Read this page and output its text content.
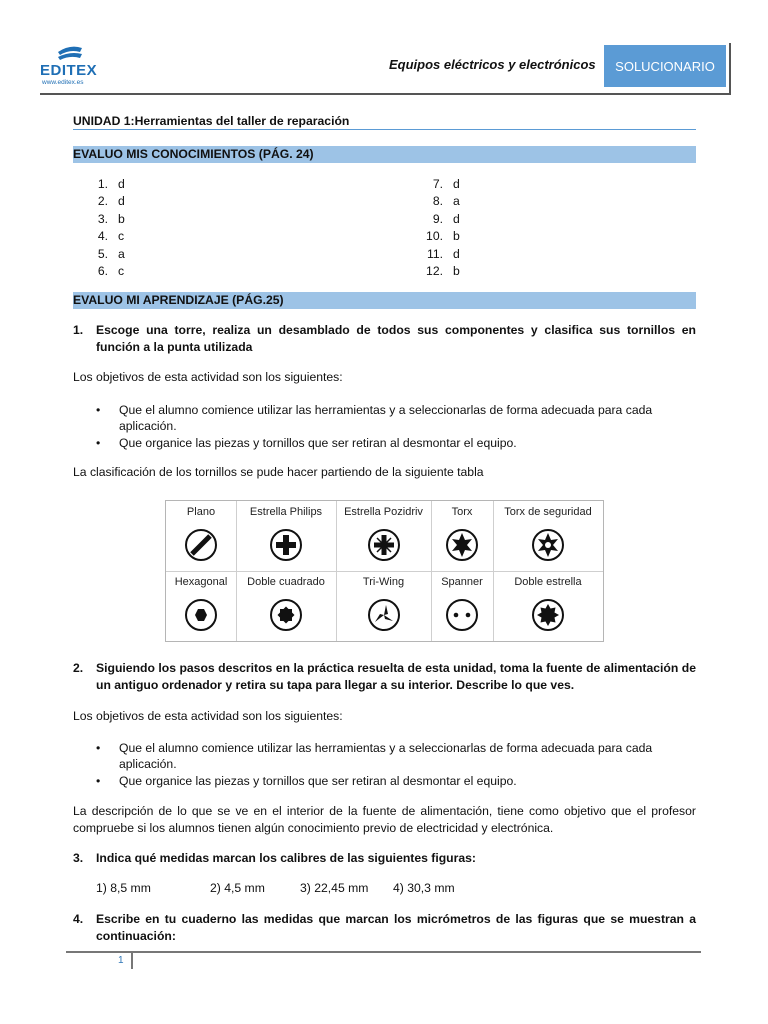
EDITEX
www.editex.es
Equipos eléctricos y electrónicos	SOLUCIONARIO
UNIDAD 1:Herramientas del taller de reparación
EVALUO MIS CONOCIMIENTOS (PÁG. 24)
1. d
2. d
3. b
4. c
5. a
6. c
7. d
8. a
9. d
10. b
11. d
12. b
EVALUO MI APRENDIZAJE (PÁG.25)
1.	Escoge una torre, realiza un desamblado de todos sus componentes y clasifica sus tornillos en función a la punta utilizada

Los objetivos de esta actividad son los siguientes:

•	Que el alumno comience utilizar las herramientas y a seleccionarlas de forma adecuada para cada aplicación.
•	Que organice las piezas y tornillos que ser retiran al desmontar el equipo.

La clasificación de los tornillos se pude hacer partiendo de la siguiente tabla

Plano	Estrella Philips	Estrella Pozidriv	Torx	Torx de seguridad
Hexagonal	Doble cuadrado	Tri-Wing	Spanner	Doble estrella
2.	Siguiendo los pasos descritos en la práctica resuelta de esta unidad, toma la fuente de alimentación de un antiguo ordenador y retira su tapa para llegar a su interior. Describe lo que ves.

Los objetivos de esta actividad son los siguientes:

•	Que el alumno comience utilizar las herramientas y a seleccionarlas de forma adecuada para cada aplicación.
•	Que organice las piezas y tornillos que ser retiran al desmontar el equipo.

La descripción de lo que se ve en el interior de la fuente de alimentación, tiene como objetivo que el profesor compruebe si los alumnos tienen algún conocimiento previo de electricidad y electrónica.

3.	Indica qué medidas marcan los calibres de las siguientes figuras:
1) 8,5 mm	2) 4,5 mm	3) 22,45 mm 4) 30,3 mm
4.	Escribe en tu cuaderno las medidas que marcan los micrómetros de las figuras que se muestran a continuación:
1
